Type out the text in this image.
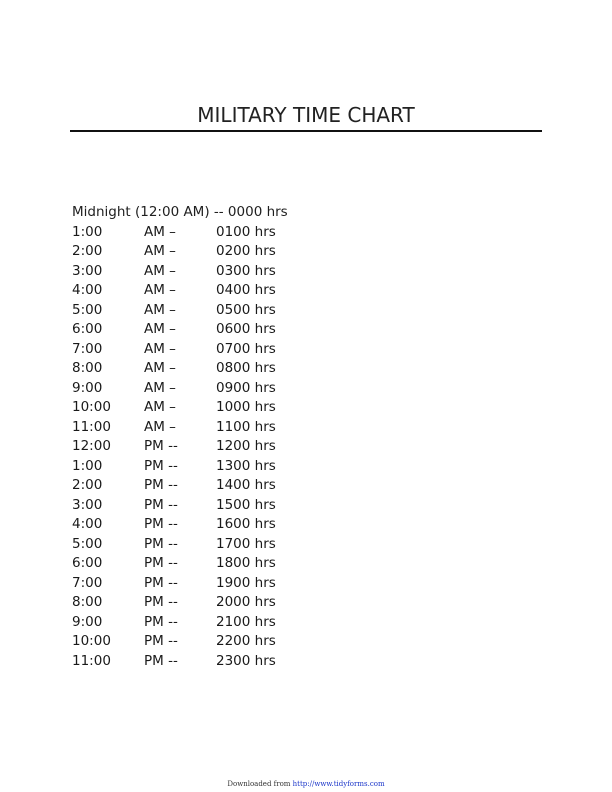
MILITARY TIME CHART
Midnight (12:00 AM) -- 0000 hrs
1:00	AM –	0100 hrs
2:00	AM –	0200 hrs
3:00	AM –	0300 hrs
4:00	AM –	0400 hrs
5:00	AM –	0500 hrs
6:00	AM –	0600 hrs
7:00	AM –	0700 hrs
8:00	AM –	0800 hrs
9:00	AM –	0900 hrs
10:00 AM –	1000 hrs
11:00 AM –	1100 hrs
12:00 PM --	1200 hrs
1:00	PM --	1300 hrs
2:00	PM --	1400 hrs
3:00	PM --	1500 hrs
4:00	PM --	1600 hrs
5:00	PM --	1700 hrs
6:00	PM --	1800 hrs
7:00	PM --	1900 hrs
8:00	PM --	2000 hrs
9:00	PM --	2100 hrs
10:00 PM --	2200 hrs
11:00 PM --	2300 hrs
Downloaded from http://www.tidyforms.com
